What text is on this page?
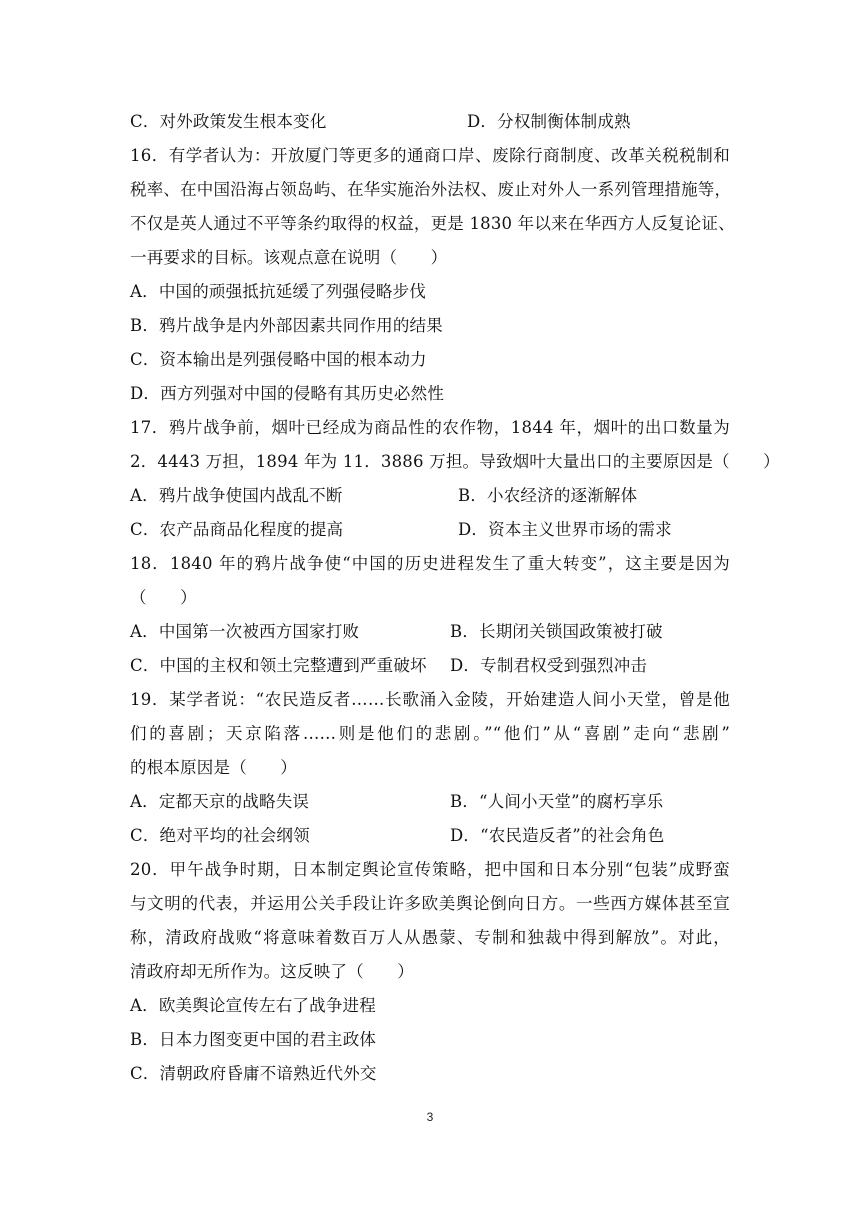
C．对外政策发生根本变化	D．分权制衡体制成熟
16．有学者认为：开放厦门等更多的通商口岸、废除行商制度、改革关税税制和
税率、在中国沿海占领岛屿、在华实施治外法权、废止对外人一系列管理措施等，
不仅是英人通过不平等条约取得的权益，更是 1830 年以来在华西方人反复论证、
一再要求的目标。该观点意在说明（　　）
A．中国的顽强抵抗延缓了列强侵略步伐
B．鸦片战争是内外部因素共同作用的结果
C．资本输出是列强侵略中国的根本动力
D．西方列强对中国的侵略有其历史必然性
17．鸦片战争前，烟叶已经成为商品性的农作物，1844 年，烟叶的出口数量为
2．4443 万担，1894 年为 11．3886 万担。导致烟叶大量出口的主要原因是（　　）
A．鸦片战争使国内战乱不断	B．小农经济的逐渐解体
C．农产品商品化程度的提高	D．资本主义世界市场的需求
18．1840 年的鸦片战争使“中国的历史进程发生了重大转变”，这主要是因为
（　　）
A．中国第一次被西方国家打败	B．长期闭关锁国政策被打破
C．中国的主权和领土完整遭到严重破坏	D．专制君权受到强烈冲击
19．某学者说：“农民造反者……长歌涌入金陵，开始建造人间小天堂，曾是他
们的喜剧；天京陷落……则是他们的悲剧。”“他们”从“喜剧”走向“悲剧”
的根本原因是（　　）
A．定都天京的战略失误	B．“人间小天堂”的腐朽享乐
C．绝对平均的社会纲领	D．“农民造反者”的社会角色
20．甲午战争时期，日本制定舆论宣传策略，把中国和日本分别“包装”成野蛮
与文明的代表，并运用公关手段让许多欧美舆论倒向日方。一些西方媒体甚至宣
称，清政府战败“将意味着数百万人从愚蒙、专制和独裁中得到解放”。对此，
清政府却无所作为。这反映了（　　）
A．欧美舆论宣传左右了战争进程
B．日本力图变更中国的君主政体
C．清朝政府昏庸不谙熟近代外交
3
